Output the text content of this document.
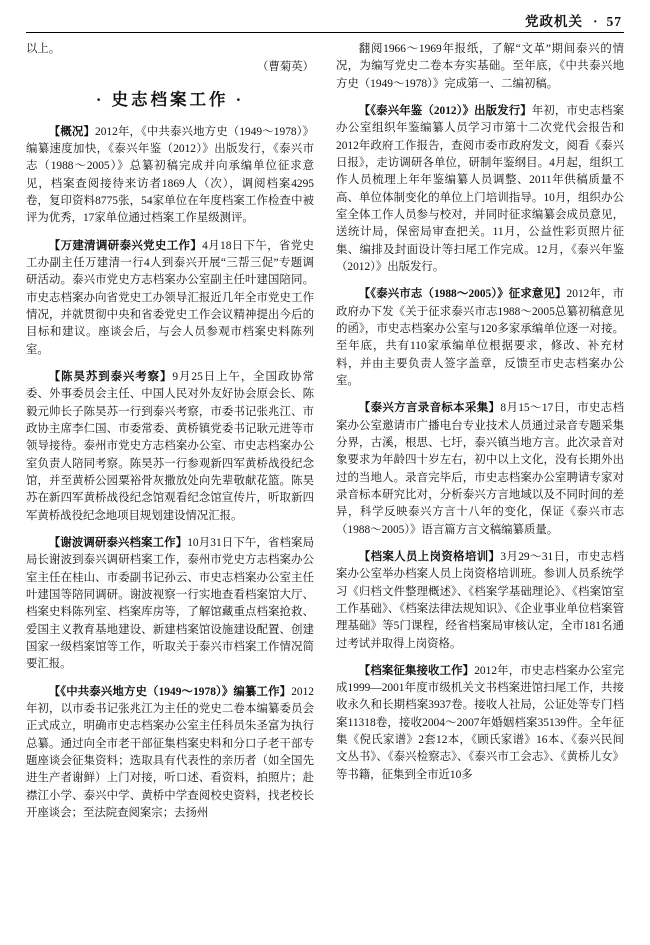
党政机关 · 57

以上。

（曹菊英）

· 史志档案工作 ·

【概况】2012年，《中共泰兴地方史（1949～1978）》编纂速度加快，《泰兴年鉴（2012）》出版发行，《泰兴市志（1988～2005）》总纂初稿完成并向承编单位征求意见，档案查阅接待来访者1869人（次），调阅档案4295卷，复印资料8775张，54家单位在年度档案工作检查中被评为优秀，17家单位通过档案工作星级测评。

【万建清调研泰兴党史工作】4月18日下午，省党史工办副主任万建清一行4人到泰兴开展“三帮三促”专题调研活动。泰兴市党史方志档案办公室副主任叶建国陪同。市史志档案办向省党史工办领导汇报近几年全市党史工作情况，并就贯彻中央和省委党史工作会议精神提出今后的目标和建议。座谈会后，与会人员参观市档案史料陈列室。

【陈昊苏到泰兴考察】9月25日上午，全国政协常委、外事委员会主任、中国人民对外友好协会原会长、陈毅元帅长子陈昊苏一行到泰兴考察，市委书记张兆江、市政协主席李仁国、市委常委、黄桥镇党委书记耿元进等市领导接待。泰州市党史方志档案办公室、市史志档案办公室负责人陪同考察。陈昊苏一行参观新四军黄桥战役纪念馆，并至黄桥公园粟裕骨灰撒放处向先辈敬献花篮。陈昊苏在新四军黄桥战役纪念馆观看纪念馆宣传片，听取新四军黄桥战役纪念地项目规划建设情况汇报。

【谢波调研泰兴档案工作】10月31日下午，省档案局局长谢波到泰兴调研档案工作，泰州市党史方志档案办公室主任在桂山、市委副书记孙云、市史志档案办公室主任叶建国等陪同调研。谢波视察一行实地查看档案馆大厅、档案史料陈列室、档案库房等，了解馆藏重点档案抢救、爱国主义教育基地建设、新建档案馆设施建设配置、创建国家一级档案馆等工作，听取关于泰兴市档案工作情况简要汇报。

【《中共泰兴地方史（1949～1978）》编纂工作】2012年初，以市委书记张兆江为主任的党史二卷本编纂委员会正式成立，明确市史志档案办公室主任科员朱圣富为执行总纂。通过向全市老干部征集档案史料和分口子老干部专题座谈会征集资料；选取具有代表性的亲历者（如全国先进生产者谢鲜）上门对接，听口述、看资料，拍照片；赴襟江小学、泰兴中学、黄桥中学查阅校史资料，找老校长开座谈会；至法院查阅案宗；去扬州

翻阅1966～1969年报纸，了解“文革”期间泰兴的情况，为编写党史二卷本夯实基础。至年底，《中共泰兴地方史（1949～1978）》完成第一、二编初稿。

【《泰兴年鉴（2012）》出版发行】年初，市史志档案办公室组织年鉴编纂人员学习市第十二次党代会报告和2012年政府工作报告，查阅市委市政府发文，阅看《泰兴日报》，走访调研各单位，研制年鉴纲目。4月起，组织工作人员梳理上年年鉴编纂人员调整、2011年供稿质量不高、单位体制变化的单位上门培训指导。10月，组织办公室全体工作人员参与校对，并同时征求编纂会成员意见，送统计局，保密局审查把关。11月，公益性彩页照片征集、编排及封面设计等扫尾工作完成。12月，《泰兴年鉴（2012）》出版发行。

【《泰兴市志（1988～2005）》征求意见】2012年，市政府办下发《关于征求泰兴市志1988～2005总纂初稿意见的函》，市史志档案办公室与120多家承编单位逐一对接。至年底，共有110家承编单位根据要求，修改、补充材料，并由主要负责人签字盖章，反馈至市史志档案办公室。

【泰兴方言录音标本采集】8月15～17日，市史志档案办公室邀请市广播电台专业技术人员通过录音专题采集分界，古溪，根思、七圩，泰兴镇当地方言。此次录音对象要求为年龄四十岁左右，初中以上文化，没有长期外出过的当地人。录音完毕后，市史志档案办公室聘请专家对录音标本研究比对，分析泰兴方言地域以及不同时间的差异，科学反映泰兴方言十八年的变化，保证《泰兴市志（1988～2005）》语言篇方言文稿编纂质量。

【档案人员上岗资格培训】3月29～31日，市史志档案办公室举办档案人员上岗资格培训班。参训人员系统学习《归档文件整理概述》、《档案学基础理论》、《档案馆室工作基础》、《档案法律法规知识》、《企业事业单位档案管理基础》等5门课程，经省档案局审核认定，全市181名通过考试并取得上岗资格。

【档案征集接收工作】2012年，市史志档案办公室完成1999—2001年度市级机关文书档案进馆扫尾工作，共接收永久和长期档案3937卷。接收人社局，公证处等专门档案11318卷，接收2004～2007年婚姻档案35139件。全年征集《倪氏家谱》2套12本，《顾氏家谱》16本、《泰兴民间文丛书》、《泰兴检察志》、《泰兴市工会志》、《黄桥儿女》等书籍，征集到全市近10多
